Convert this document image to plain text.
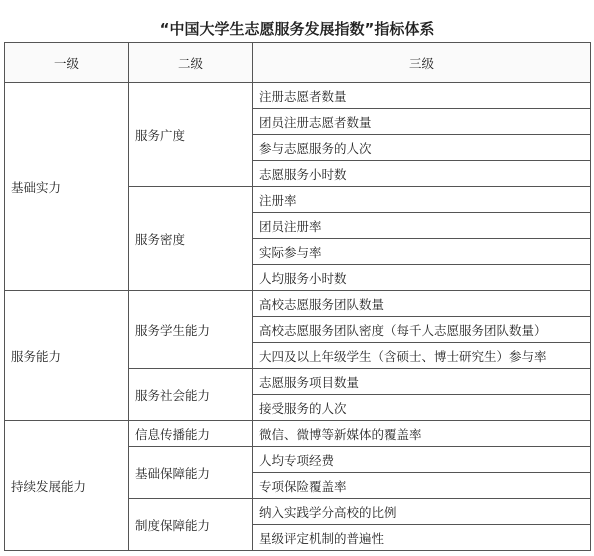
“中国大学生志愿服务发展指数”指标体系
一级	二级	三级
基础实力	服务广度	注册志愿者数量
		团员注册志愿者数量
		参与志愿服务的人次
		志愿服务小时数
	服务密度	注册率
		团员注册率
		实际参与率
		人均服务小时数
服务能力	服务学生能力	高校志愿服务团队数量
		高校志愿服务团队密度（每千人志愿服务团队数量）
		大四及以上年级学生（含硕士、博士研究生）参与率
	服务社会能力	志愿服务项目数量
		接受服务的人次
持续发展能力	信息传播能力	微信、微博等新媒体的覆盖率
	基础保障能力	人均专项经费
		专项保险覆盖率
	制度保障能力	纳入实践学分高校的比例
		星级评定机制的普遍性
